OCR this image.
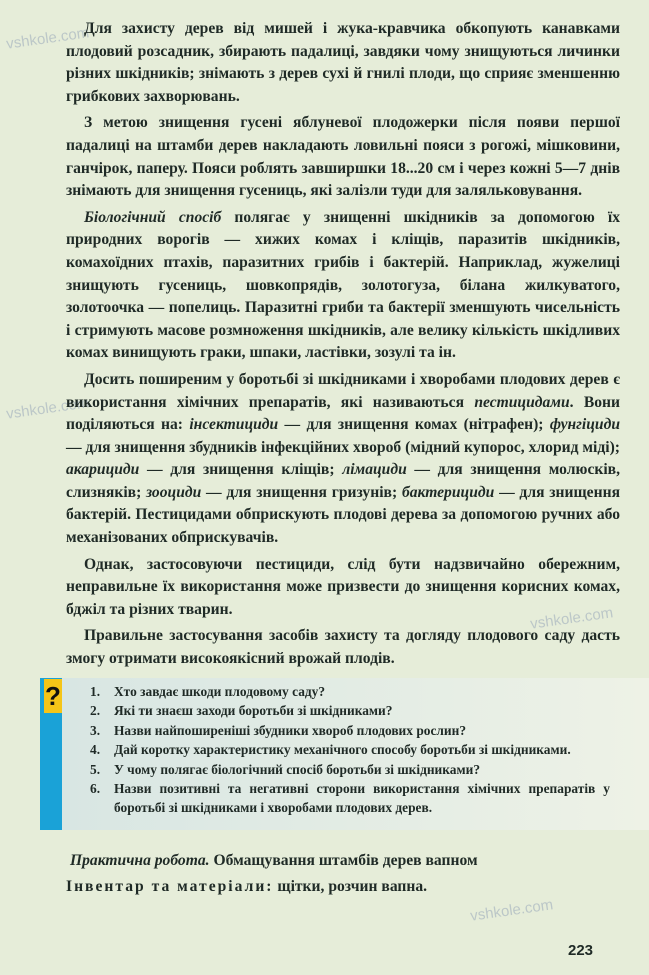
vshkole.com
vshkole.com
vshkole.com
vshkole.com

Для захисту дерев від мишей і жука-кравчика обкопують канавками плодовий розсадник, збирають падалиці, завдяки чому знищуються личинки різних шкідників; знімають з дерев сухі й гнилі плоди, що сприяє зменшенню грибкових захворювань.

З метою знищення гусені яблуневої плодожерки після появи першої падалиці на штамби дерев накладають ловильні пояси з рогожі, мішковини, ганчірок, паперу. Пояси роблять завширшки 18...20 см і через кожні 5—7 днів знімають для знищення гусениць, які залізли туди для заляльковування.

Біологічний спосіб полягає у знищенні шкідників за допомогою їх природних ворогів — хижих комах і кліщів, паразитів шкідників, комахоїдних птахів, паразитних грибів і бактерій. Наприклад, жужелиці знищують гусениць, шовкопрядів, золотогуза, білана жилкуватого, золотоочка — попелиць. Паразитні гриби та бактерії зменшують чисельність і стримують масове розмноження шкідників, але велику кількість шкідливих комах винищують граки, шпаки, ластівки, зозулі та ін.

Досить поширеним у боротьбі зі шкідниками і хворобами плодових дерев є використання хімічних препаратів, які називаються пестицидами. Вони поділяються на: інсектициди — для знищення комах (нітрафен); фунгіциди — для знищення збудників інфекційних хвороб (мідний купорос, хлорид міді); акарициди — для знищення кліщів; лімациди — для знищення молюсків, слизняків; зооциди — для знищення гризунів; бактерициди — для знищення бактерій. Пестицидами обприскують плодові дерева за допомогою ручних або механізованих обприскувачів.

Однак, застосовуючи пестициди, слід бути надзвичайно обережним, неправильне їх використання може призвести до знищення корисних комах, бджіл та різних тварин.

Правильне застосування засобів захисту та догляду плодового саду дасть змогу отримати високоякісний врожай плодів.

? 1. Хто завдає шкоди плодовому саду?
2. Які ти знаєш заходи боротьби зі шкідниками?
3. Назви найпоширеніші збудники хвороб плодових рослин?
4. Дай коротку характеристику механічного способу боротьби зі шкідниками.
5. У чому полягає біологічний спосіб боротьби зі шкідниками?
6. Назви позитивні та негативні сторони використання хімічних препаратів у боротьбі зі шкідниками і хворобами плодових дерев.
Практична робота. Обмащування штамбів дерев вапном
Інвентар та матеріали: щітки, розчин вапна.
223
